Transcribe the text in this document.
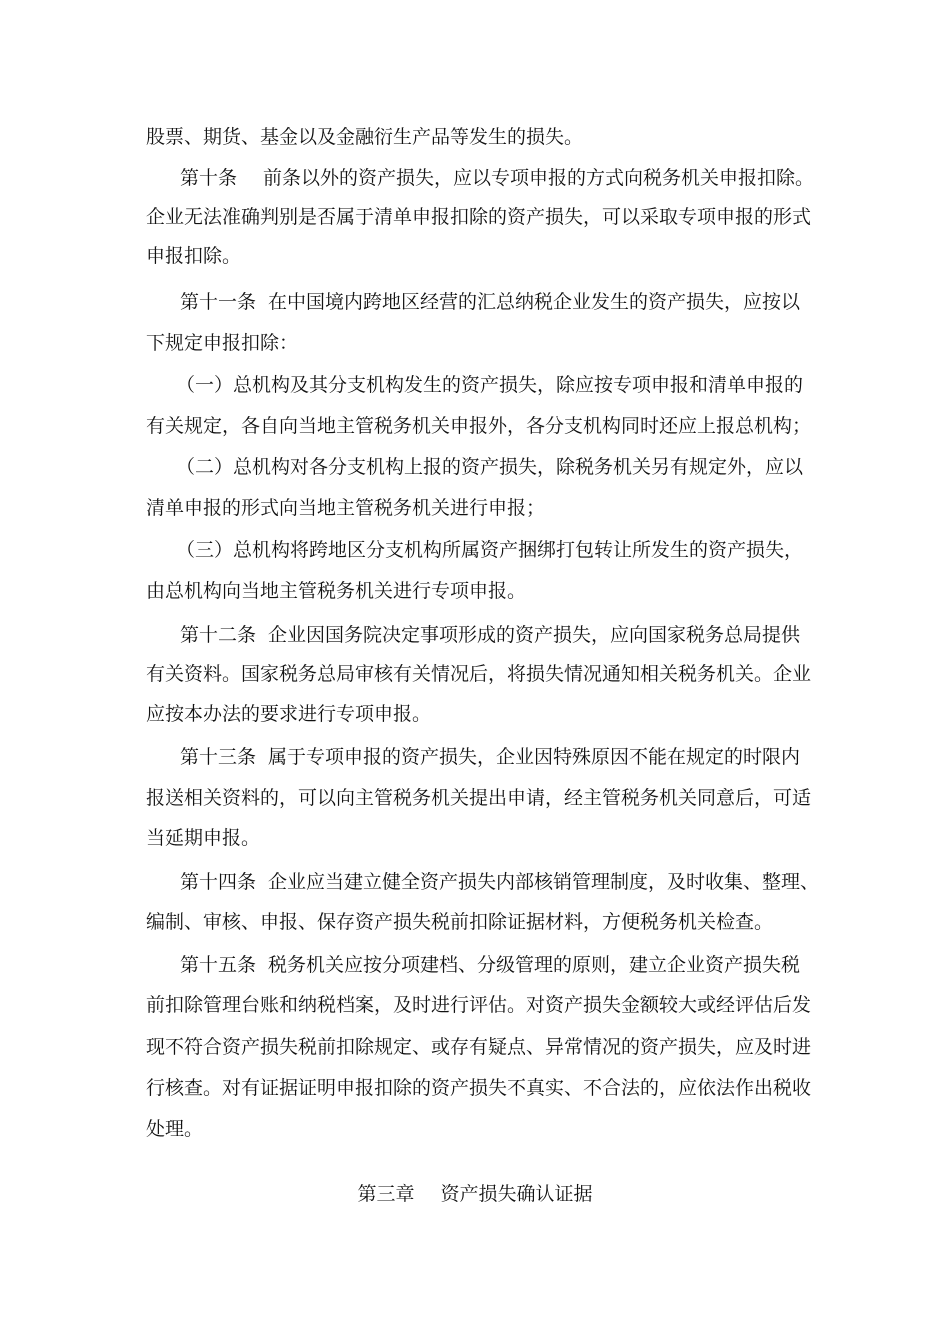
股票、期货、基金以及金融衍生产品等发生的损失。
第十条 前条以外的资产损失，应以专项申报的方式向税务机关申报扣除。
企业无法准确判别是否属于清单申报扣除的资产损失，可以采取专项申报的形式
申报扣除。
第十一条 在中国境内跨地区经营的汇总纳税企业发生的资产损失，应按以
下规定申报扣除：
（一）总机构及其分支机构发生的资产损失，除应按专项申报和清单申报的
有关规定，各自向当地主管税务机关申报外，各分支机构同时还应上报总机构；
（二）总机构对各分支机构上报的资产损失，除税务机关另有规定外，应以
清单申报的形式向当地主管税务机关进行申报；
（三）总机构将跨地区分支机构所属资产捆绑打包转让所发生的资产损失，
由总机构向当地主管税务机关进行专项申报。
第十二条 企业因国务院决定事项形成的资产损失，应向国家税务总局提供
有关资料。国家税务总局审核有关情况后，将损失情况通知相关税务机关。企业
应按本办法的要求进行专项申报。
第十三条 属于专项申报的资产损失，企业因特殊原因不能在规定的时限内
报送相关资料的，可以向主管税务机关提出申请，经主管税务机关同意后，可适
当延期申报。
第十四条 企业应当建立健全资产损失内部核销管理制度，及时收集、整理、
编制、审核、申报、保存资产损失税前扣除证据材料，方便税务机关检查。
第十五条 税务机关应按分项建档、分级管理的原则，建立企业资产损失税
前扣除管理台账和纳税档案，及时进行评估。对资产损失金额较大或经评估后发
现不符合资产损失税前扣除规定、或存有疑点、异常情况的资产损失，应及时进
行核查。对有证据证明申报扣除的资产损失不真实、不合法的，应依法作出税收
处理。
第三章 资产损失确认证据
